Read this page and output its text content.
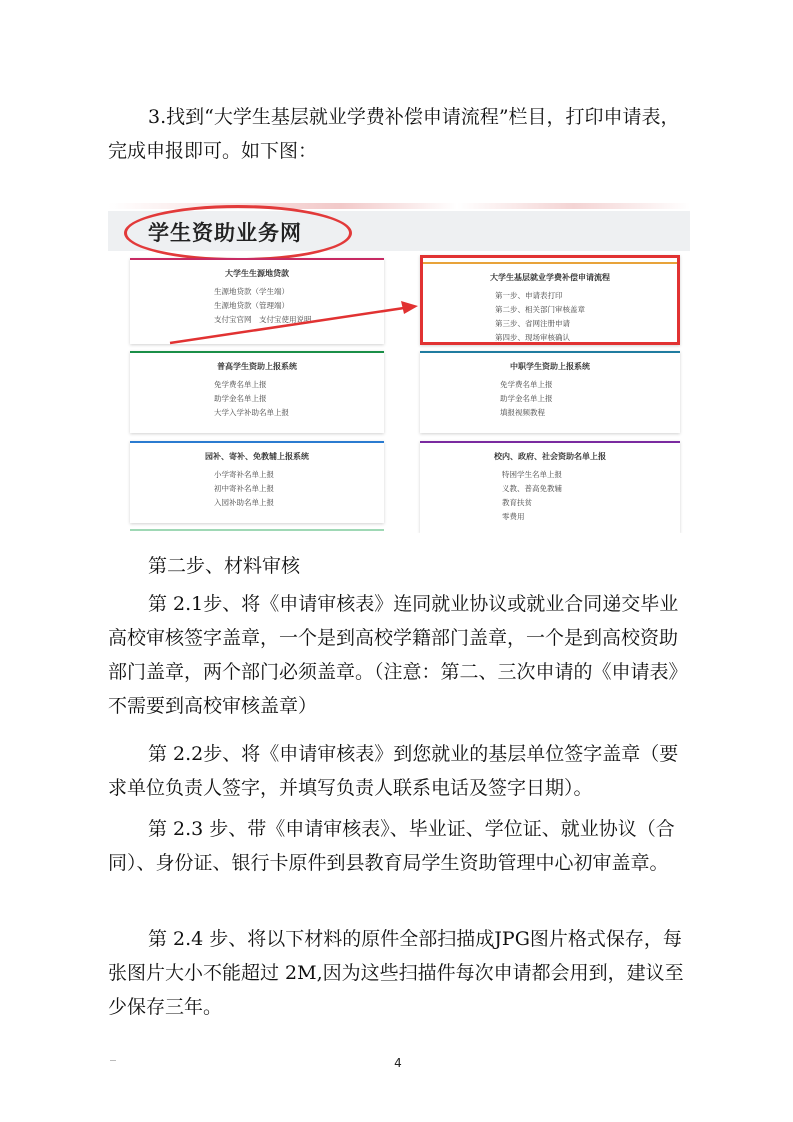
3.找到“大学生基层就业学费补偿申请流程”栏目，打印申请表，完成申报即可。如下图：

学生资助业务网
大学生生源地贷款
生源地贷款（学生端）
生源地贷款（管理端）
支付宝官网　支付宝使用说明
大学生基层就业学费补偿申请流程
第一步、申请表打印
第二步、相关部门审核盖章
第三步、省网注册申请
第四步、现场审核确认
普高学生资助上报系统
免学费名单上报
助学金名单上报
大学入学补助名单上报
中职学生资助上报系统
免学费名单上报
助学金名单上报
填报视频教程
园补、寄补、免教辅上报系统
小学寄补名单上报
初中寄补名单上报
入园补助名单上报
校内、政府、社会资助名单上报
特困学生名单上报
义教、普高免教辅
教育扶贫
零费用

第二步、材料审核

第 2.1步、将《申请审核表》连同就业协议或就业合同递交毕业高校审核签字盖章，一个是到高校学籍部门盖章，一个是到高校资助部门盖章，两个部门必须盖章。（注意：第二、三次申请的《申请表》不需要到高校审核盖章）

第 2.2步、将《申请审核表》到您就业的基层单位签字盖章（要求单位负责人签字，并填写负责人联系电话及签字日期）。

第 2.3 步、带《申请审核表》、毕业证、学位证、就业协议（合同）、身份证、银行卡原件到县教育局学生资助管理中心初审盖章。

第 2.4 步、将以下材料的原件全部扫描成JPG图片格式保存，每张图片大小不能超过 2M,因为这些扫描件每次申请都会用到，建议至少保存三年。

4
